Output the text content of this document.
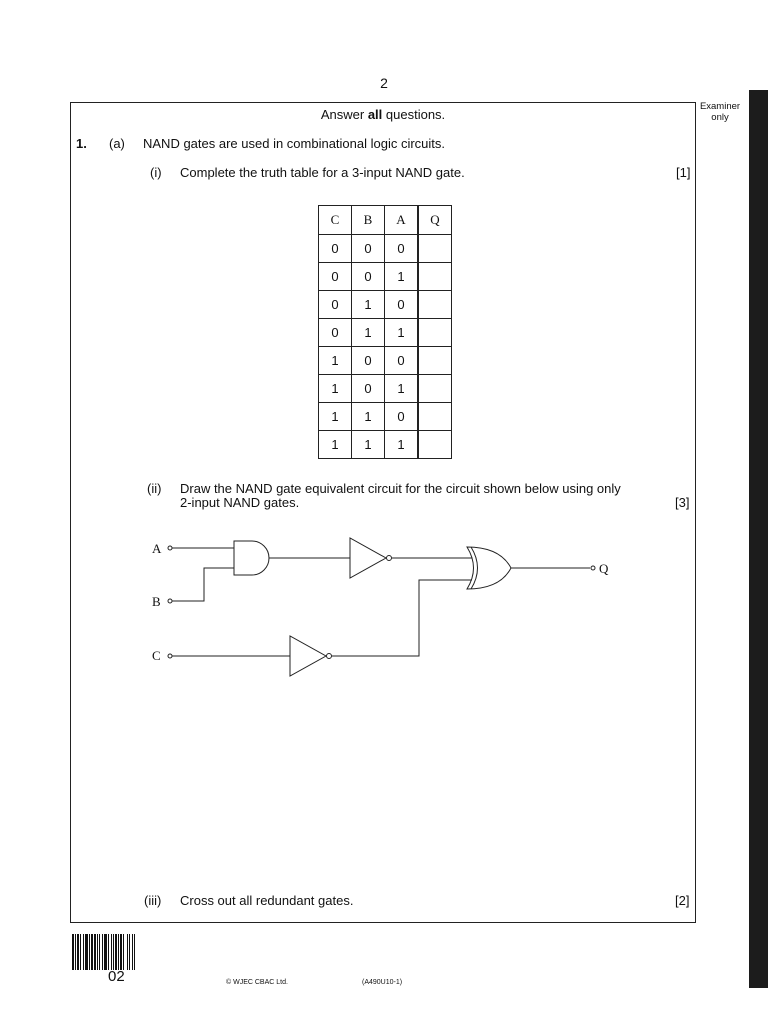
2
Examiner
only
Answer all questions.
1. (a) NAND gates are used in combinational logic circuits.
(i) Complete the truth table for a 3-input NAND gate.	[1]
C	B	A	Q
0	0	0	
0	0	1	
0	1	0	
0	1	1	
1	0	0	
1	0	1	
1	1	0	
1	1	1	
(ii) Draw the NAND gate equivalent circuit for the circuit shown below using only
2-input NAND gates.	[3]
A
B
C
Q
(iii) Cross out all redundant gates.	[2]
02	© WJEC CBAC Ltd.	(A490U10-1)
